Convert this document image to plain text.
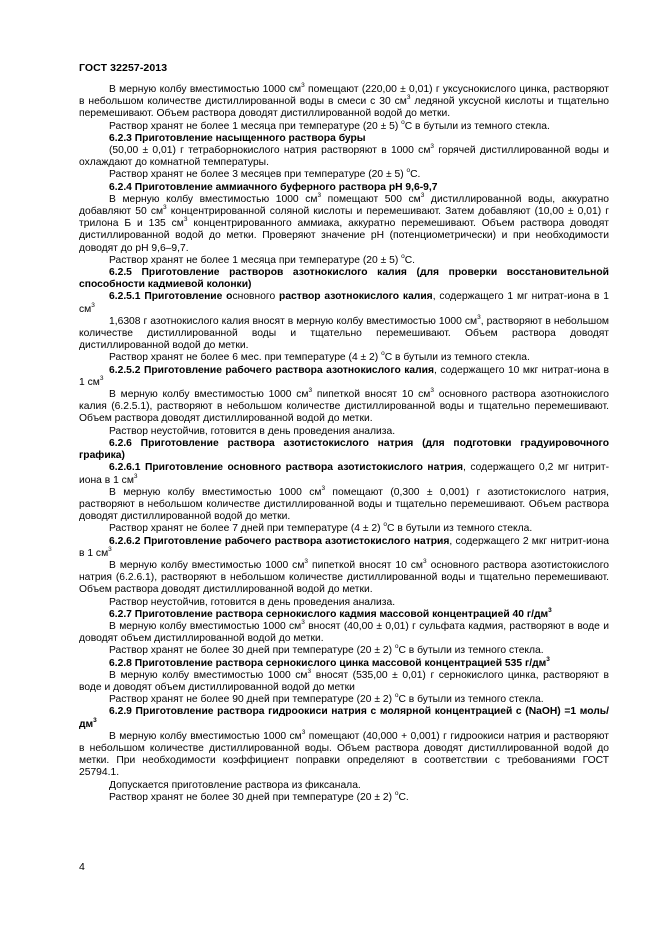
ГОСТ 32257-2013

В мерную колбу вместимостью 1000 $см^3$ помещают (220,00 ± 0,01) г уксуснокислого цинка, растворяют в небольшом количестве дистиллированной воды в смеси с 30 $см^3$ ледяной уксусной кислоты и тщательно перемешивают. Объем раствора доводят дистиллированной водой до метки.

Раствор хранят не более 1 месяца при температуре (20 ± 5) $^o$С в бутыли из темного стекла.

6.2.3 Приготовление насыщенного раствора буры

(50,00 ± 0,01) г тетраборнокислого натрия растворяют в 1000 $см^3$ горячей дистиллированной воды и охлаждают до комнатной температуры.

Раствор хранят не более 3 месяцев при температуре (20 ± 5) $^o$С.

6.2.4 Приготовление аммиачного буферного раствора рН 9,6-9,7

В мерную колбу вместимостью 1000 $см^3$ помещают 500 $см^3$ дистиллированной воды, аккуратно добавляют 50 $см^3$ концентрированной соляной кислоты и перемешивают. Затем добавляют (10,00 ± 0,01) г трилона Б и 135 $см^3$ концентрированного аммиака, аккуратно перемешивают. Объем раствора доводят дистиллированной водой до метки. Проверяют значение рН (потенциометрически) и при необходимости доводят до рН 9,6–9,7.

Раствор хранят не более 1 месяца при температуре (20 ± 5) $^o$С.

6.2.5 Приготовление растворов азотнокислого калия (для проверки восстановительной способности кадмиевой колонки)

6.2.5.1 Приготовление основного раствор азотнокислого калия, содержащего 1 мг нитрат-иона в 1 $см^3$

1,6308 г азотнокислого калия вносят в мерную колбу вместимостью 1000 $см^3$, растворяют в небольшом количестве дистиллированной воды и тщательно перемешивают. Объем раствора доводят дистиллированной водой до метки.

Раствор хранят не более 6 мес. при температуре (4 ± 2) $^o$С в бутыли из темного стекла.

6.2.5.2 Приготовление рабочего раствора азотнокислого калия, содержащего 10 мкг нитрат-иона в 1 $см^3$

В мерную колбу вместимостью 1000 $см^3$ пипеткой вносят 10 $см^3$ основного раствора азотнокислого калия (6.2.5.1), растворяют в небольшом количестве дистиллированной воды и тщательно перемешивают. Объем раствора доводят дистиллированной водой до метки.

Раствор неустойчив, готовится в день проведения анализа.

6.2.6 Приготовление раствора азотистокислого натрия (для подготовки градуировочного графика)

6.2.6.1 Приготовление основного раствора азотистокислого натрия, содержащего 0,2 мг нитрит-иона в 1 $см^3$

В мерную колбу вместимостью 1000 $см^3$ помещают (0,300 ± 0,001) г азотистокислого натрия, растворяют в небольшом количестве дистиллированной воды и тщательно перемешивают. Объем раствора доводят дистиллированной водой до метки.

Раствор хранят не более 7 дней при температуре (4 ± 2) $^o$С в бутыли из темного стекла.

6.2.6.2 Приготовление рабочего раствора азотистокислого натрия, содержащего 2 мкг нитрит-иона в 1 $см^3$

В мерную колбу вместимостью 1000 $см^3$ пипеткой вносят 10 $см^3$ основного раствора азотистокислого натрия (6.2.6.1), растворяют в небольшом количестве дистиллированной воды и тщательно перемешивают. Объем раствора доводят дистиллированной водой до метки.

Раствор неустойчив, готовится в день проведения анализа.

6.2.7 Приготовление раствора сернокислого кадмия массовой концентрацией 40 $г/дм^3$

В мерную колбу вместимостью 1000 $см^3$ вносят (40,00 ± 0,01) г сульфата кадмия, растворяют в воде и доводят объем дистиллированной водой до метки.

Раствор хранят не более 30 дней при температуре (20 ± 2) $^o$С в бутыли из темного стекла.

6.2.8 Приготовление раствора сернокислого цинка массовой концентрацией 535 $г/дм^3$

В мерную колбу вместимостью 1000 $см^3$ вносят (535,00 ± 0,01) г сернокислого цинка, растворяют в воде и доводят объем дистиллированной водой до метки

Раствор хранят не более 90 дней при температуре (20 ± 2) $^o$С в бутыли из темного стекла.

6.2.9 Приготовление раствора гидроокиси натрия с молярной концентрацией с (NaOH) =1 моль/$дм^3$

В мерную колбу вместимостью 1000 $см^3$ помещают (40,000 + 0,001) г гидроокиси натрия и растворяют в небольшом количестве дистиллированной воды. Объем раствора доводят дистиллированной водой до метки. При необходимости коэффициент поправки определяют в соответствии с требованиями ГОСТ 25794.1.

Допускается приготовление раствора из фиксанала.

Раствор хранят не более 30 дней при температуре (20 ± 2) $^o$С.

4
